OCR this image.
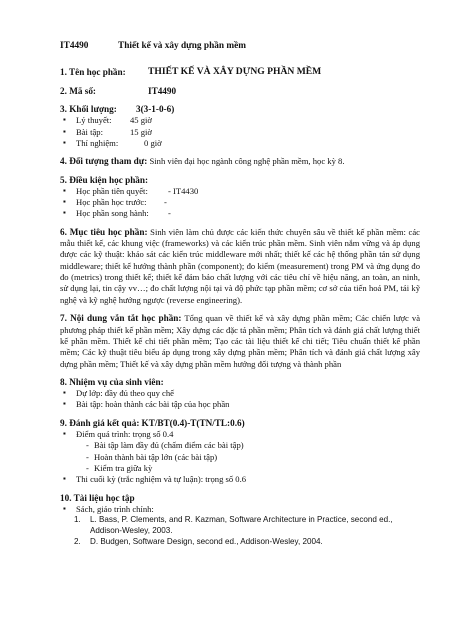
IT4490	Thiết kế và xây dựng phần mềm
1. Tên học phần:	THIẾT KẾ VÀ XÂY DỰNG PHẦN MỀM
2. Mã số:	IT4490
3. Khối lượng:	3(3-1-0-6)
▪ Lý thuyết: 45 giờ
▪ Bài tập:	15 giờ
▪ Thí nghiệm:	0 giờ
4. Đối tượng tham dự: Sinh viên đại học ngành công nghệ phần mềm, học kỳ 8.
5. Điều kiện học phần:
▪ Học phần tiên quyết: - IT4430
▪ Học phần học trước: -
▪ Học phần song hành: -
6. Mục tiêu học phần: Sinh viên làm chủ được các kiến thức chuyên sâu về thiết kế phần mềm: các mẫu thiết kế, các khung việc (frameworks) và các kiến trúc phần mềm. Sinh viên nắm vững và áp dụng được các kỹ thuật: khảo sát các kiến trúc middleware mới nhất; thiết kế các hệ thống phần tán sử dụng middleware; thiết kế hướng thành phần (component); đo kiểm (measurement) trong PM và ứng dụng đo đo (metrics) trong thiết kế; thiết kế đảm bảo chất lượng với các tiêu chí về hiệu năng, an toàn, an ninh, sử dụng lại, tin cậy vv…; đo chất lượng nội tại và độ phức tạp phần mềm; cơ sở của tiến hoá PM, tái kỹ nghệ và kỹ nghệ hướng ngược (reverse engineering).
7. Nội dung vắn tắt học phần: Tổng quan về thiết kế và xây dựng phần mềm; Các chiến lược và phương pháp thiết kế phần mềm; Xây dựng các đặc tả phần mềm; Phân tích và đánh giá chất lượng thiết kế phần mềm. Thiết kế chi tiết phần mềm; Tạo các tài liệu thiết kế chi tiết; Tiêu chuẩn thiết kế phần mềm; Các kỹ thuật tiêu biểu áp dụng trong xây dựng phần mềm; Phân tích và đánh giá chất lượng xây dựng phần mềm; Thiết kế và xây dựng phần mềm hướng đối tượng và thành phần
8. Nhiệm vụ của sinh viên:
▪ Dự lớp: đầy đủ theo quy chế
▪ Bài tập: hoàn thành các bài tập của học phần
9. Đánh giá kết quả: KT/BT(0.4)-T(TN/TL:0.6)
▪ Điểm quá trình: trọng số 0.4
- Bài tập làm đầy đủ (chấm điểm các bài tập)
- Hoàn thành bài tập lớn (các bài tập)
- Kiểm tra giữa kỳ
▪ Thi cuối kỳ (trắc nghiệm và tự luận): trọng số 0.6
10. Tài liệu học tập
▪ Sách, giáo trình chính:
1. L. Bass, P. Clements, and R. Kazman, Software Architecture in Practice, second ed., Addison-Wesley, 2003.
2. D. Budgen, Software Design, second ed., Addison-Wesley, 2004.
